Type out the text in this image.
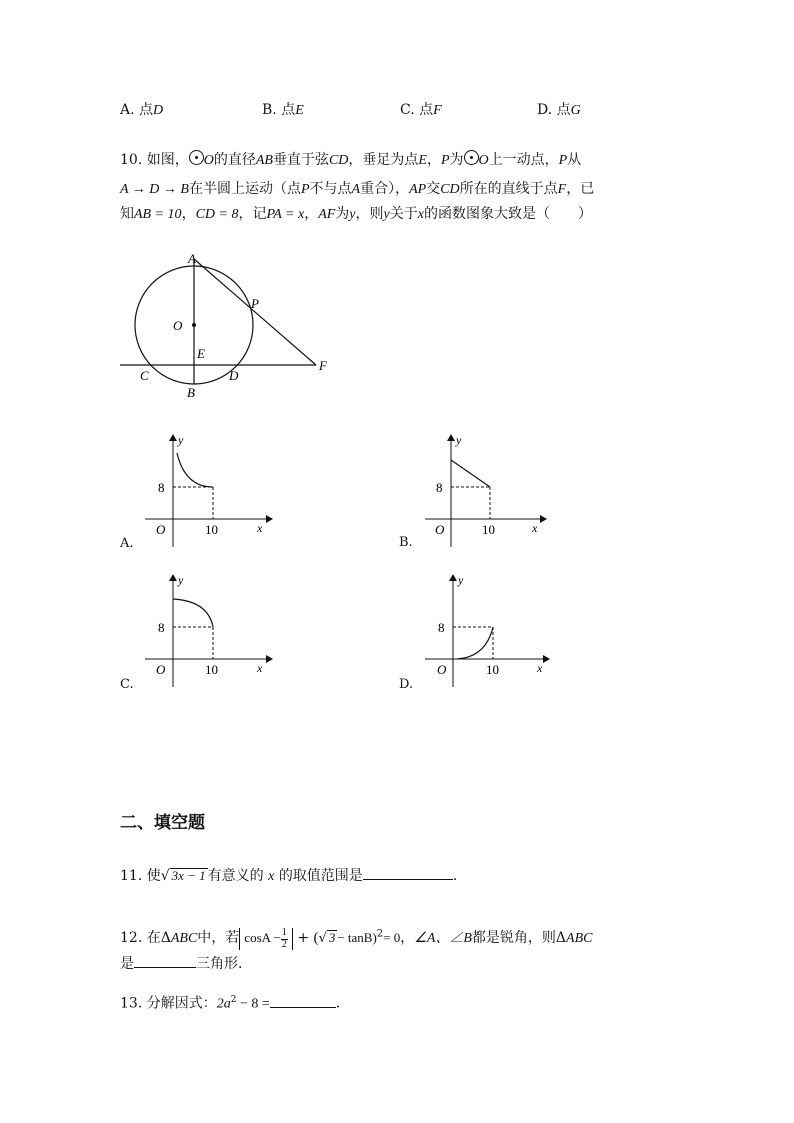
A. 点D	B. 点E	C. 点F	D. 点G
10. 如图， O的直径AB垂直于弦CD，垂足为点E，P为 O上一动点，P从
A → D → B在半圆上运动（点P不与点A重合），AP交CD所在的直线于点F，已
知AB = 10，CD = 8，记PA = x，AF为y，则y关于x的函数图象大致是（　　）
A
P
O
E
F
C	D
B
y
x
O
8
10
A.
y
x
O
8
10
B.
y
x
O
8
10
C.
y
x
O
8
10
D.
二、填空题
11. 使√ 3x − 1 有意义的 x 的取值范围是	.
12. 在ΔABC中，若 $\cos A - \frac{1}{2}$ + (√ 3 − tanB)$^2$= 0，∠A、∠B都是锐角，则ΔABC
是	三角形.
13. 分解因式：$2a^2 - 8$ =	.
